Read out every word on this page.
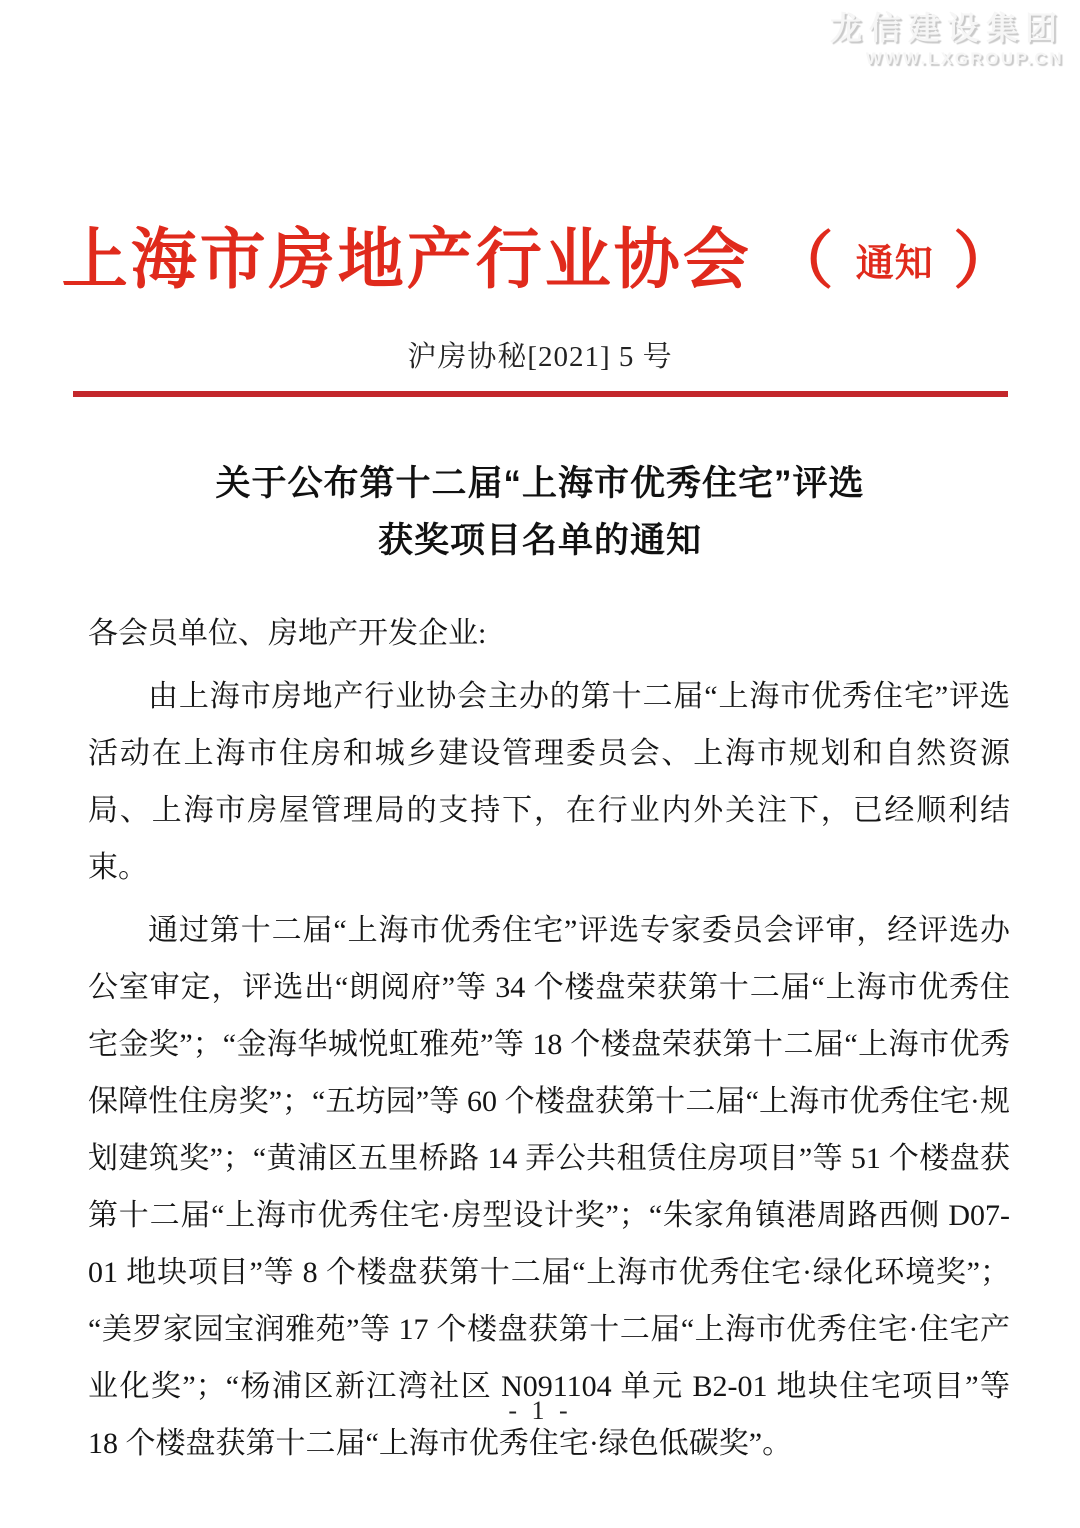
龙信建设集团
WWW.LXGROUP.CN
上海市房地产行业协会 （ 通知 ）
沪房协秘[2021] 5 号
关于公布第十二届“上海市优秀住宅”评选
获奖项目名单的通知
各会员单位、房地产开发企业:

由上海市房地产行业协会主办的第十二届“上海市优秀住宅”评选活动在上海市住房和城乡建设管理委员会、上海市规划和自然资源局、上海市房屋管理局的支持下，在行业内外关注下，已经顺利结束。

通过第十二届“上海市优秀住宅”评选专家委员会评审，经评选办公室审定，评选出“朗阅府”等 34 个楼盘荣获第十二届“上海市优秀住宅金奖”；“金海华城悦虹雅苑”等 18 个楼盘荣获第十二届“上海市优秀保障性住房奖”；“五坊园”等 60 个楼盘获第十二届“上海市优秀住宅·规划建筑奖”；“黄浦区五里桥路 14 弄公共租赁住房项目”等 51 个楼盘获第十二届“上海市优秀住宅·房型设计奖”；“朱家角镇港周路西侧 D07-01 地块项目”等 8 个楼盘获第十二届“上海市优秀住宅·绿化环境奖”；“美罗家园宝润雅苑”等 17 个楼盘获第十二届“上海市优秀住宅·住宅产业化奖”；“杨浦区新江湾社区 N091104 单元 B2-01 地块住宅项目”等 18 个楼盘获第十二届“上海市优秀住宅·绿色低碳奖”。

- 1 -
